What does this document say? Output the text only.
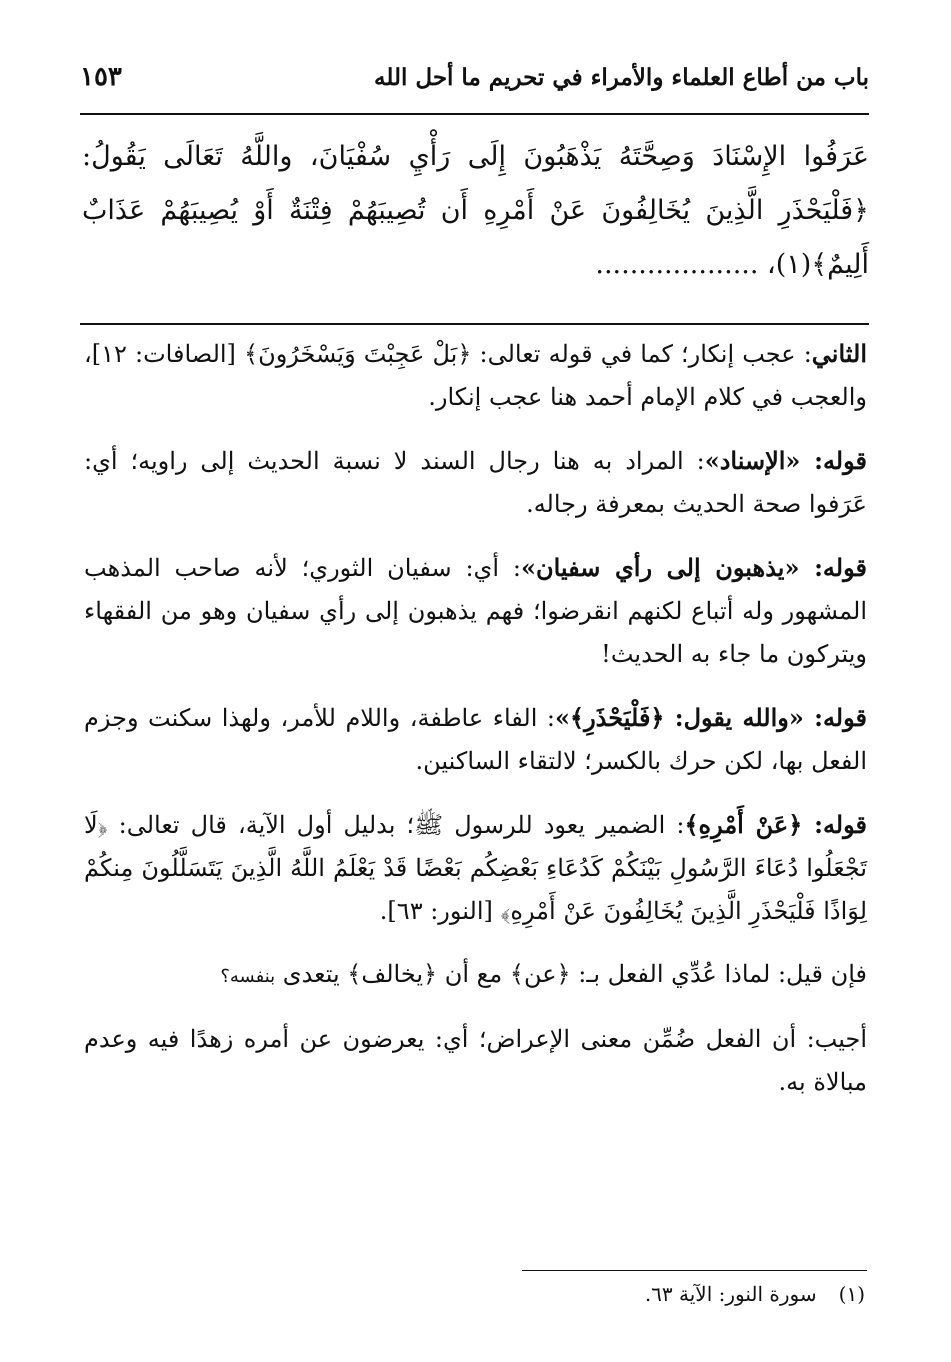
باب من أطاع العلماء والأمراء في تحريم ما أحل الله
١٥٣
عَرَفُوا الإِسْنَادَ وَصِحَّتَهُ يَذْهَبُونَ إِلَى رَأْيِ سُفْيَانَ، واللَّهُ تَعَالَى يَقُولُ: ﴿فَلْيَحْذَرِ الَّذِينَ يُخَالِفُونَ عَنْ أَمْرِهِ أَن تُصِيبَهُمْ فِتْنَةٌ أَوْ يُصِيبَهُمْ عَذَابٌ أَلِيمٌ﴾(١)، ...................

الثاني: عجب إنكار؛ كما في قوله تعالى: ﴿بَلْ عَجِبْتَ وَيَسْخَرُونَ﴾ [الصافات: ١٢]، والعجب في كلام الإمام أحمد هنا عجب إنكار.

قوله: «الإسناد»: المراد به هنا رجال السند لا نسبة الحديث إلى راويه؛ أي: عَرَفوا صحة الحديث بمعرفة رجاله.

قوله: «يذهبون إلى رأي سفيان»: أي: سفيان الثوري؛ لأنه صاحب المذهب المشهور وله أتباع لكنهم انقرضوا؛ فهم يذهبون إلى رأي سفيان وهو من الفقهاء ويتركون ما جاء به الحديث!

قوله: «والله يقول: ﴿فَلْيَحْذَرِ﴾»: الفاء عاطفة، واللام للأمر، ولهذا سكنت وجزم الفعل بها، لكن حرك بالكسر؛ لالتقاء الساكنين.

قوله: ﴿عَنْ أَمْرِهِ﴾: الضمير يعود للرسول ﷺ؛ بدليل أول الآية، قال تعالى: ﴿لَا تَجْعَلُوا دُعَاءَ الرَّسُولِ بَيْنَكُمْ كَدُعَاءِ بَعْضِكُم بَعْضًا قَدْ يَعْلَمُ اللَّهُ الَّذِينَ يَتَسَلَّلُونَ مِنكُمْ لِوَاذًا فَلْيَحْذَرِ الَّذِينَ يُخَالِفُونَ عَنْ أَمْرِهِ﴾ [النور: ٦٣].

فإن قيل: لماذا عُدِّي الفعل بـ: ﴿عن﴾ مع أن ﴿يخالف﴾ يتعدى بنفسه؟

أجيب: أن الفعل ضُمِّن معنى الإعراض؛ أي: يعرضون عن أمره زهدًا فيه وعدم مبالاة به.

(١)سورة النور: الآية ٦٣.
